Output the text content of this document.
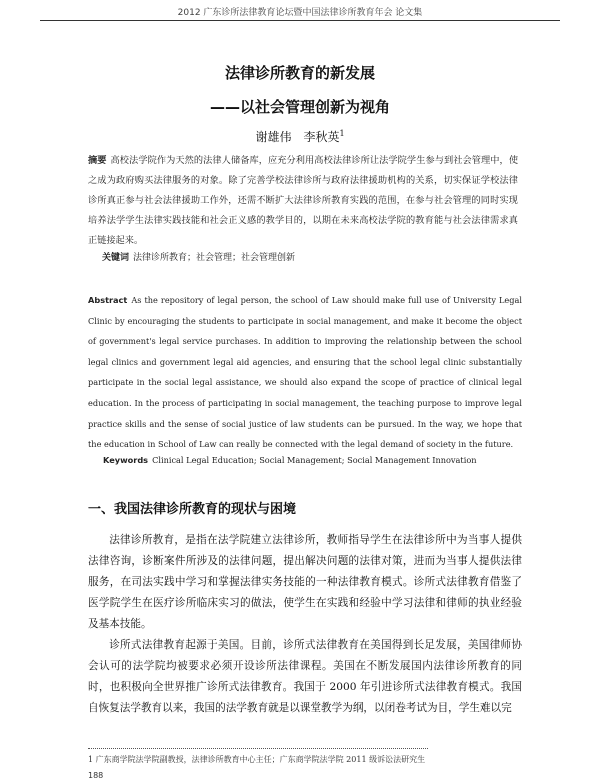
2012 广东诊所法律教育论坛暨中国法律诊所教育年会 论文集
法律诊所教育的新发展
——以社会管理创新为视角
谢雄伟　李秋英$^1$
摘要 高校法学院作为天然的法律人储备库，应充分利用高校法律诊所让法学院学生参与到社会管理中，使之成为政府购买法律服务的对象。除了完善学校法律诊所与政府法律援助机构的关系，切实保证学校法律诊所真正参与社会法律援助工作外，还需不断扩大法律诊所教育实践的范围，在参与社会管理的同时实现培养法学学生法律实践技能和社会正义感的教学目的，以期在未来高校法学院的教育能与社会法律需求真正链接起来。
关键词 法律诊所教育；社会管理；社会管理创新
Abstract As the repository of legal person, the school of Law should make full use of University Legal Clinic by encouraging the students to participate in social management, and make it become the object of government's legal service purchases. In addition to improving the relationship between the school legal clinics and government legal aid agencies, and ensuring that the school legal clinic substantially participate in the social legal assistance, we should also expand the scope of practice of clinical legal education. In the process of participating in social management, the teaching purpose to improve legal practice skills and the sense of social justice of law students can be pursued. In the way, we hope that the education in School of Law can really be connected with the legal demand of society in the future.
Keywords Clinical Legal Education; Social Management; Social Management Innovation
一、我国法律诊所教育的现状与困境

法律诊所教育，是指在法学院建立法律诊所，教师指导学生在法律诊所中为当事人提供法律咨询，诊断案件所涉及的法律问题，提出解决问题的法律对策，进而为当事人提供法律服务，在司法实践中学习和掌握法律实务技能的一种法律教育模式。诊所式法律教育借鉴了医学院学生在医疗诊所临床实习的做法，使学生在实践和经验中学习法律和律师的执业经验及基本技能。

诊所式法律教育起源于美国。目前，诊所式法律教育在美国得到长足发展，美国律师协会认可的法学院均被要求必须开设诊所法律课程。美国在不断发展国内法律诊所教育的同时，也积极向全世界推广诊所式法律教育。我国于 2000 年引进诊所式法律教育模式。我国自恢复法学教育以来，我国的法学教育就是以课堂教学为纲，以闭卷考试为目，学生难以完

1 广东商学院法学院副教授，法律诊所教育中心主任；广东商学院法学院 2011 级诉讼法研究生
188
